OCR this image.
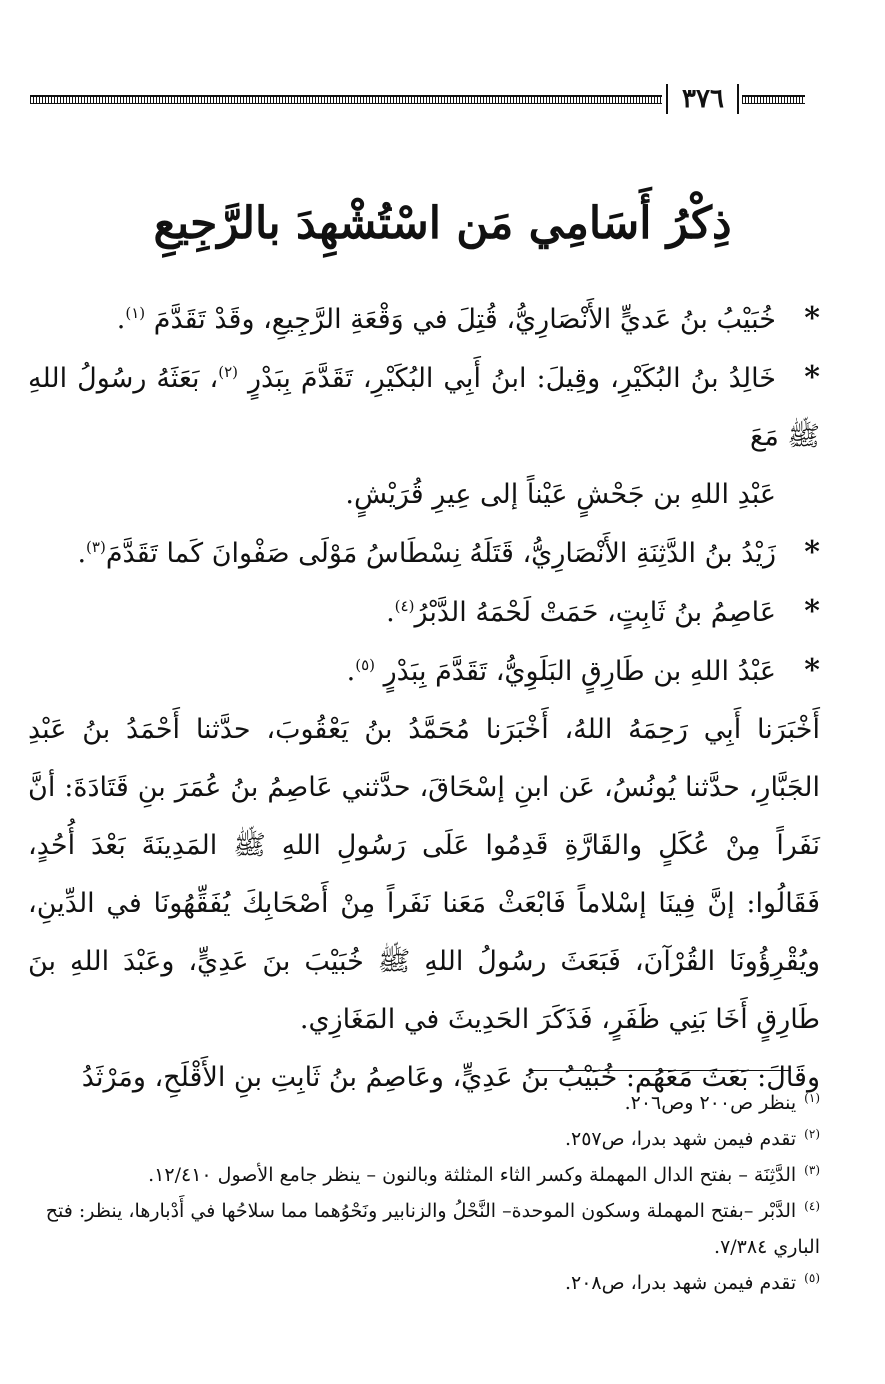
٣٧٦
ذِكْرُ أَسَامِي مَن اسْتُشْهِدَ بالرَّجِيعِ

*خُبَيْبُ بنُ عَديٍّ الأَنْصَارِيُّ، قُتِلَ في وَقْعَةِ الرَّجِيعِ، وقَدْ تَقَدَّمَ $^{(١)}$.

*خَالِدُ بنُ البُكَيْرِ، وقِيلَ: ابنُ أَبِي البُكَيْرِ، تَقَدَّمَ بِبَدْرٍ $^{(٢)}$، بَعَثَهُ رسُولُ اللهِ ﷺ مَعَ
عَبْدِ اللهِ بن جَحْشٍ عَيْناً إلى عِيرِ قُرَيْشٍ.

*زَيْدُ بنُ الدَّثِنَةِ الأَنْصَارِيُّ، قَتَلَهُ نِسْطَاسُ مَوْلَى صَفْوانَ كَما تَقَدَّمَ$^{(٣)}$.

*عَاصِمُ بنُ ثَابِتٍ، حَمَتْ لَحْمَهُ الدَّبْرُ$^{(٤)}$.

*عَبْدُ اللهِ بن طَارِقٍ البَلَوِيُّ، تَقَدَّمَ بِبَدْرٍ $^{(٥)}$.

أَخْبَرَنا أَبِي رَحِمَهُ اللهُ، أَخْبَرَنا مُحَمَّدُ بنُ يَعْقُوبَ، حدَّثنا أَحْمَدُ بنُ عَبْدِ الجَبَّارِ، حدَّثنا يُونُسُ، عَن ابنِ إسْحَاقَ، حدَّثني عَاصِمُ بنُ عُمَرَ بنِ قَتَادَةَ: أنَّ نَفَراً مِنْ عُكَلٍ والقَارَّةِ قَدِمُوا عَلَى رَسُولِ اللهِ ﷺ المَدِينَةَ بَعْدَ أُحُدٍ، فَقَالُوا: إنَّ فِينَا إسْلاماً فَابْعَثْ مَعَنا نَفَراً مِنْ أَصْحَابِكَ يُفَقِّهُونَا في الدِّينِ، ويُقْرِؤُونَا القُرْآنَ، فَبَعَثَ رسُولُ اللهِ ﷺ خُبَيْبَ بنَ عَدِيٍّ، وعَبْدَ اللهِ بنَ طَارِقٍ أَخَا بَنِي ظَفَرٍ، فَذَكَرَ الحَدِيثَ في المَغَازِي.

وقَالَ: بَعَثَ مَعَهُم: خُبَيْبُ بنُ عَدِيٍّ، وعَاصِمُ بنُ ثَابِتِ بنِ الأَقْلَحِ، ومَرْثَدُ

$^{(١)}$ينظر ص٢٠٠ وص٢٠٦.

$^{(٢)}$تقدم فيمن شهد بدرا، ص٢٥٧.

$^{(٣)}$الدَّثِنَة – بفتح الدال المهملة وكسر الثاء المثلثة وبالنون – ينظر جامع الأصول ١٢/٤١٠.

$^{(٤)}$الدَّبْر –بفتح المهملة وسكون الموحدة– النَّحْلُ والزنابير ونَحْوُهما مما سلاحُها في أَدْبارها، ينظر: فتح الباري ٧/٣٨٤.

$^{(٥)}$تقدم فيمن شهد بدرا، ص٢٠٨.
